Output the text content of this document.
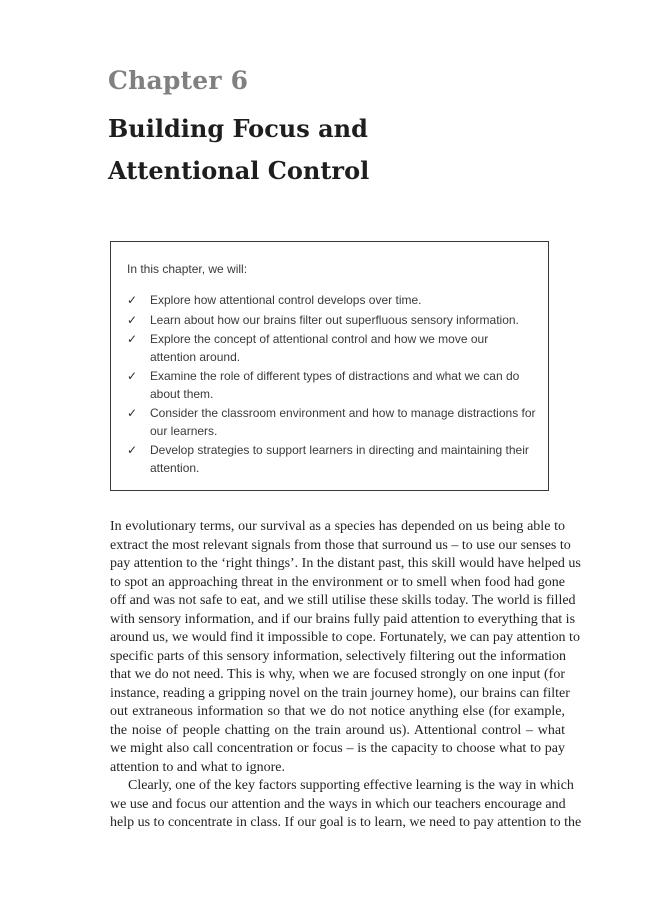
Chapter 6
Building Focus and
Attentional Control
In this chapter, we will:
✓ Explore how attentional control develops over time.
✓ Learn about how our brains filter out superfluous sensory information.
✓ Explore the concept of attentional control and how we move our attention around.
✓ Examine the role of different types of distractions and what we can do about them.
✓ Consider the classroom environment and how to manage distractions for our learners.
✓ Develop strategies to support learners in directing and maintaining their attention.
In evolutionary terms, our survival as a species has depended on us being able to
extract the most relevant signals from those that surround us – to use our senses to
pay attention to the ‘right things’. In the distant past, this skill would have helped us
to spot an approaching threat in the environment or to smell when food had gone
off and was not safe to eat, and we still utilise these skills today. The world is filled
with sensory information, and if our brains fully paid attention to everything that is
around us, we would find it impossible to cope. Fortunately, we can pay attention to
specific parts of this sensory information, selectively filtering out the information
that we do not need. This is why, when we are focused strongly on one input (for
instance, reading a gripping novel on the train journey home), our brains can filter
out extraneous information so that we do not notice anything else (for example,
the noise of people chatting on the train around us). Attentional control – what
we might also call concentration or focus – is the capacity to choose what to pay
attention to and what to ignore.
Clearly, one of the key factors supporting effective learning is the way in which
we use and focus our attention and the ways in which our teachers encourage and
help us to concentrate in class. If our goal is to learn, we need to pay attention to the
